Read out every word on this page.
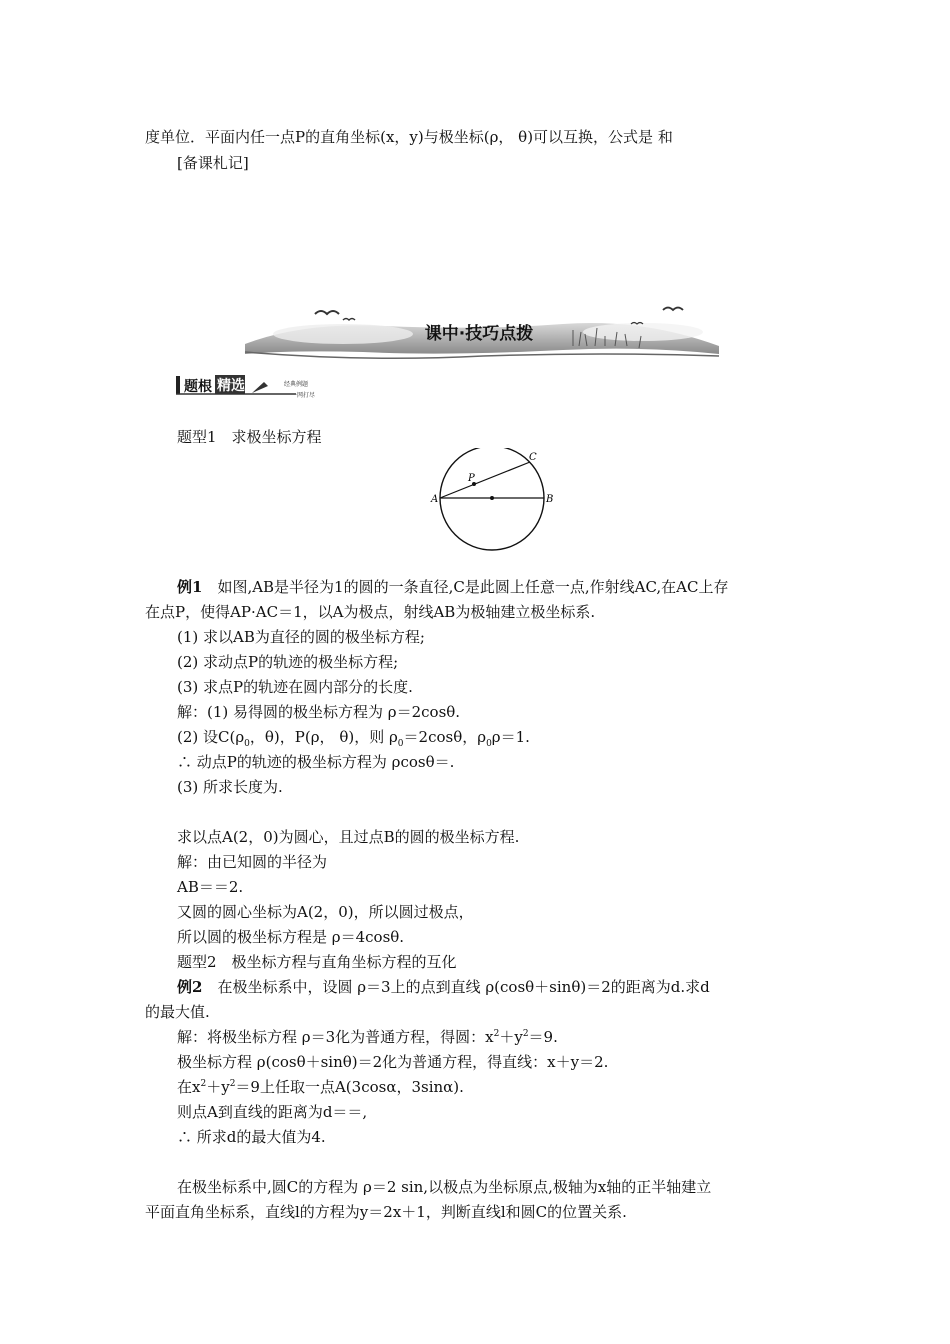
度单位．平面内任一点P的直角坐标(x，y)与极坐标(ρ， θ)可以互换，公式是 和
[备课札记]
课中·技巧点拨
题根 精选	经典例题
一网打尽
题型1　求极坐标方程
A	B
C
P
例1　如图,AB是半径为1的圆的一条直径,C是此圆上任意一点,作射线AC,在AC上存
在点P，使得AP·AC＝1，以A为极点，射线AB为极轴建立极坐标系.
(1) 求以AB为直径的圆的极坐标方程;
(2) 求动点P的轨迹的极坐标方程;
(3) 求点P的轨迹在圆内部分的长度.
解：(1) 易得圆的极坐标方程为 ρ＝2cosθ.
(2) 设$C(\rho_0$，θ)，P(ρ， θ)，则 $\rho_0=2\cos\theta$，$\rho_0\rho=1$.
∴ 动点P的轨迹的极坐标方程为 ρcosθ＝.
(3) 所求长度为.
求以点A(2，0)为圆心，且过点B的圆的极坐标方程.
解：由已知圆的半径为
AB＝＝2.
又圆的圆心坐标为A(2，0)，所以圆过极点，
所以圆的极坐标方程是 ρ＝4cosθ.
题型2　极坐标方程与直角坐标方程的互化
例2　在极坐标系中，设圆 ρ＝3上的点到直线 ρ(cosθ＋sinθ)＝2的距离为d.求d
的最大值.
解：将极坐标方程 ρ＝3化为普通方程，得圆：$x^2+y^2=9$.
极坐标方程 ρ(cosθ＋sinθ)＝2化为普通方程，得直线：x＋y＝2.
在$x^2+y^2=9$上任取一点A(3cosα，3sinα).
则点A到直线的距离为d＝＝,
∴ 所求d的最大值为4.
在极坐标系中,圆C的方程为 ρ＝2 sin,以极点为坐标原点,极轴为x轴的正半轴建立
平面直角坐标系，直线l的方程为y＝2x＋1，判断直线l和圆C的位置关系.
